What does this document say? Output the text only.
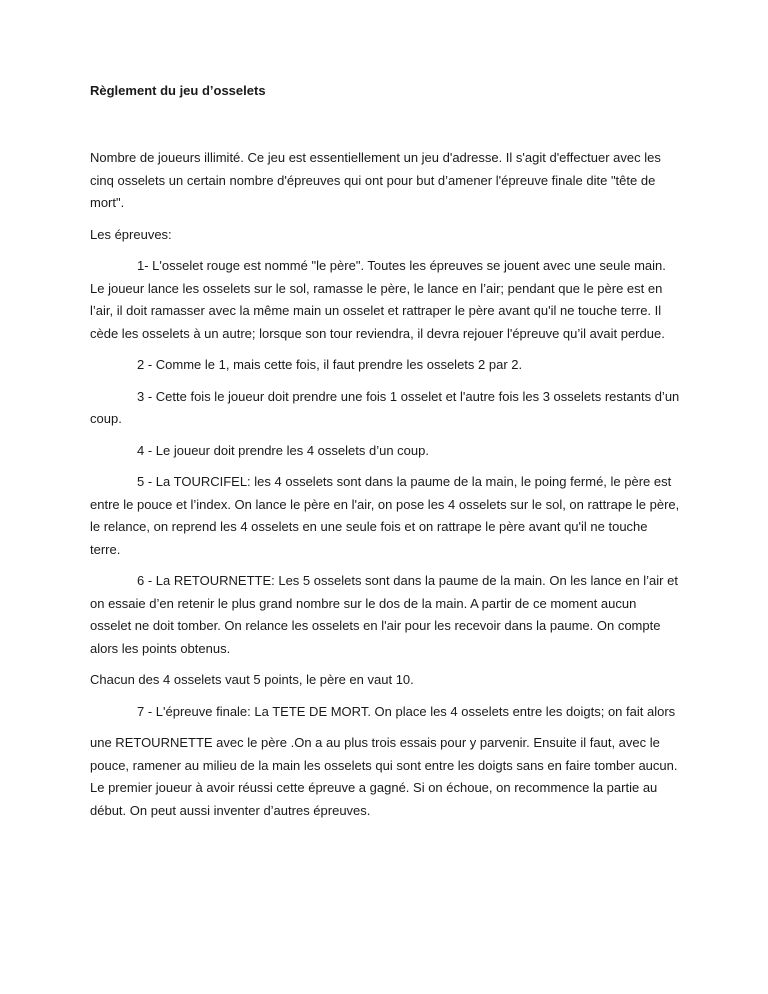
Règlement du jeu d’osselets

Nombre de joueurs illimité. Ce jeu est essentiellement un jeu d'adresse. Il s'agit d'effectuer avec les cinq osselets un certain nombre d'épreuves qui ont pour but d’amener l'épreuve finale dite "tête de mort".

Les épreuves:

1- L'osselet rouge est nommé "le père". Toutes les épreuves se jouent avec une seule main. Le joueur lance les osselets sur le sol, ramasse le père, le lance en l’air; pendant que le père est en l’air, il doit ramasser avec la même main un osselet et rattraper le père avant qu'il ne touche terre. Il cède les osselets à un autre; lorsque son tour reviendra, il devra rejouer l'épreuve qu’il avait perdue.

2 - Comme le 1, mais cette fois, il faut prendre les osselets 2 par 2.

3 - Cette fois le joueur doit prendre une fois 1 osselet et l'autre fois les 3 osselets restants d’un coup.

4 - Le joueur doit prendre les 4 osselets d’un coup.

5 - La TOURCIFEL: les 4 osselets sont dans la paume de la main, le poing fermé, le père est entre le pouce et l’index. On lance le père en l'air, on pose les 4 osselets sur le sol, on rattrape le père, le relance, on reprend les 4 osselets en une seule fois et on rattrape le père avant qu'il ne touche terre.

6 - La RETOURNETTE: Les 5 osselets sont dans la paume de la main. On les lance en l’air et on essaie d’en retenir le plus grand nombre sur le dos de la main. A partir de ce moment aucun osselet ne doit tomber. On relance les osselets en l'air pour les recevoir dans la paume. On compte alors les points obtenus.

Chacun des 4 osselets vaut 5 points, le père en vaut 10.

7 - L'épreuve finale: La TETE DE MORT. On place les 4 osselets entre les doigts; on fait alors

une RETOURNETTE avec le père .On a au plus trois essais pour y parvenir. Ensuite il faut, avec le pouce, ramener au milieu de la main les osselets qui sont entre les doigts sans en faire tomber aucun. Le premier joueur à avoir réussi cette épreuve a gagné. Si on échoue, on recommence la partie au début. On peut aussi inventer d’autres épreuves.
